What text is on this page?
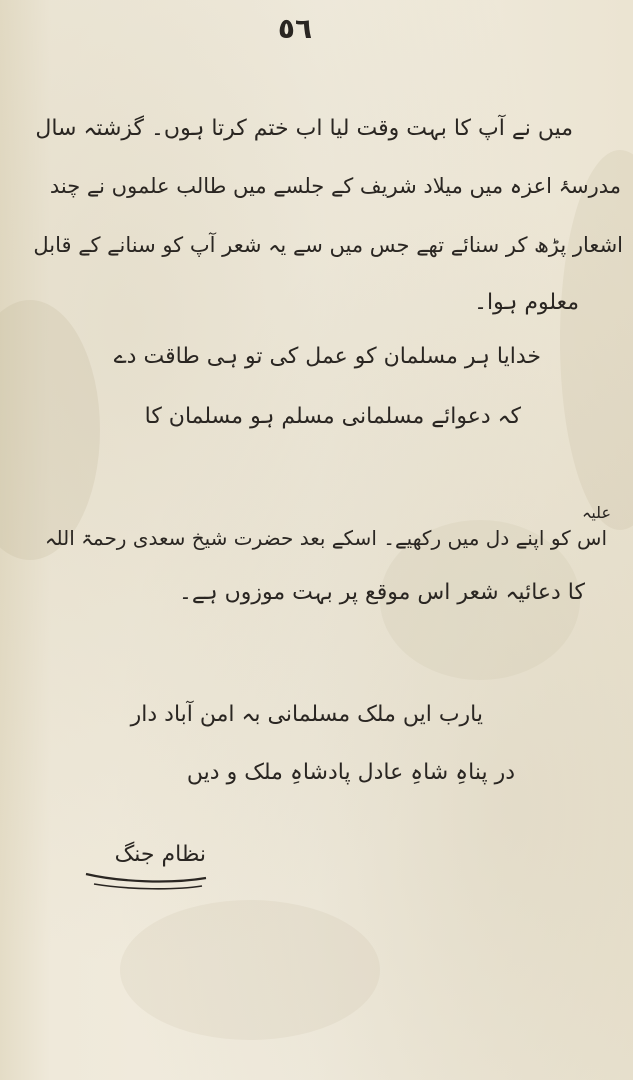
٥٦
میں نے آپ کا بہت وقت لیا اب ختم کرتا ہوں۔ گزشتہ سال
مدرسۂ اعزہ میں میلاد شریف کے جلسے میں طالب علموں نے چند
اشعار پڑھ کر سنائے تھے جس میں سے یہ شعر آپ کو سنانے کے قابل
معلوم ہوا۔
خدایا ہر مسلمان کو عمل کی تو ہی طاقت دے
کہ دعوائے مسلمانی مسلم ہو مسلمان کا
اس کو اپنے دل میں رکھیے۔ اسکے بعد حضرت شیخ سعدی رحمۃ اللہ
علیہ
کا دعائیہ شعر اس موقع پر بہت موزوں ہے۔
یارب ایں ملک مسلمانی بہ امن آباد دار
در پناہِ شاہِ عادل پادشاہِ ملک و دیں
نظام جنگ
